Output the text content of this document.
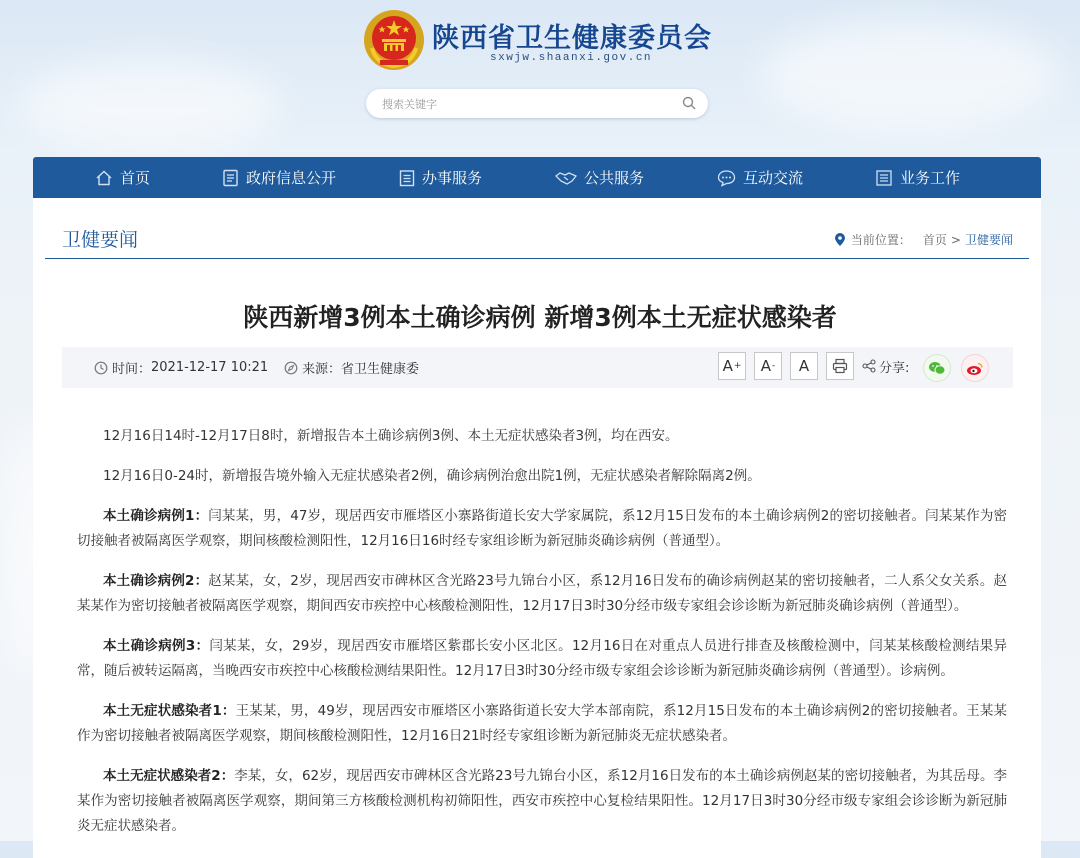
陕西省卫生健康委员会
sxwjw.shaanxi.gov.cn
搜索关键字
首页	政府信息公开	办事服务	公共服务	互动交流	业务工作
卫健要闻	当前位置： 首页 > 卫健要闻
陕西新增3例本土确诊病例 新增3例本土无症状感染者
时间： 2021-12-17 10:21	来源： 省卫生健康委	A + A - A	分享:

12月16日14时-12月17日8时，新增报告本土确诊病例3例、本土无症状感染者3例，均在西安。

12月16日0-24时，新增报告境外输入无症状感染者2例，确诊病例治愈出院1例，无症状感染者解除隔离2例。

本土确诊病例1：闫某某，男，47岁，现居西安市雁塔区小寨路街道长安大学家属院，系12月15日发布的本土确诊病例2的密切接触者。闫某某作为密切接触者被隔离医学观察，期间核酸检测阳性，12月16日16时经专家组诊断为新冠肺炎确诊病例（普通型）。

本土确诊病例2：赵某某，女，2岁，现居西安市碑林区含光路23号九锦台小区，系12月16日发布的确诊病例赵某的密切接触者，二人系父女关系。赵某某作为密切接触者被隔离医学观察，期间西安市疾控中心核酸检测阳性，12月17日3时30分经市级专家组会诊诊断为新冠肺炎确诊病例（普通型）。

本土确诊病例3：闫某某，女，29岁，现居西安市雁塔区紫郡长安小区北区。12月16日在对重点人员进行排查及核酸检测中，闫某某核酸检测结果异常，随后被转运隔离，当晚西安市疾控中心核酸检测结果阳性。12月17日3时30分经市级专家组会诊诊断为新冠肺炎确诊病例（普通型）。诊病例。

本土无症状感染者1：王某某，男，49岁，现居西安市雁塔区小寨路街道长安大学本部南院，系12月15日发布的本土确诊病例2的密切接触者。王某某作为密切接触者被隔离医学观察，期间核酸检测阳性，12月16日21时经专家组诊断为新冠肺炎无症状感染者。

本土无症状感染者2：李某，女，62岁，现居西安市碑林区含光路23号九锦台小区，系12月16日发布的本土确诊病例赵某的密切接触者，为其岳母。李某作为密切接触者被隔离医学观察，期间第三方核酸检测机构初筛阳性，西安市疾控中心复检结果阳性。12月17日3时30分经市级专家组会诊诊断为新冠肺炎无症状感染者。
